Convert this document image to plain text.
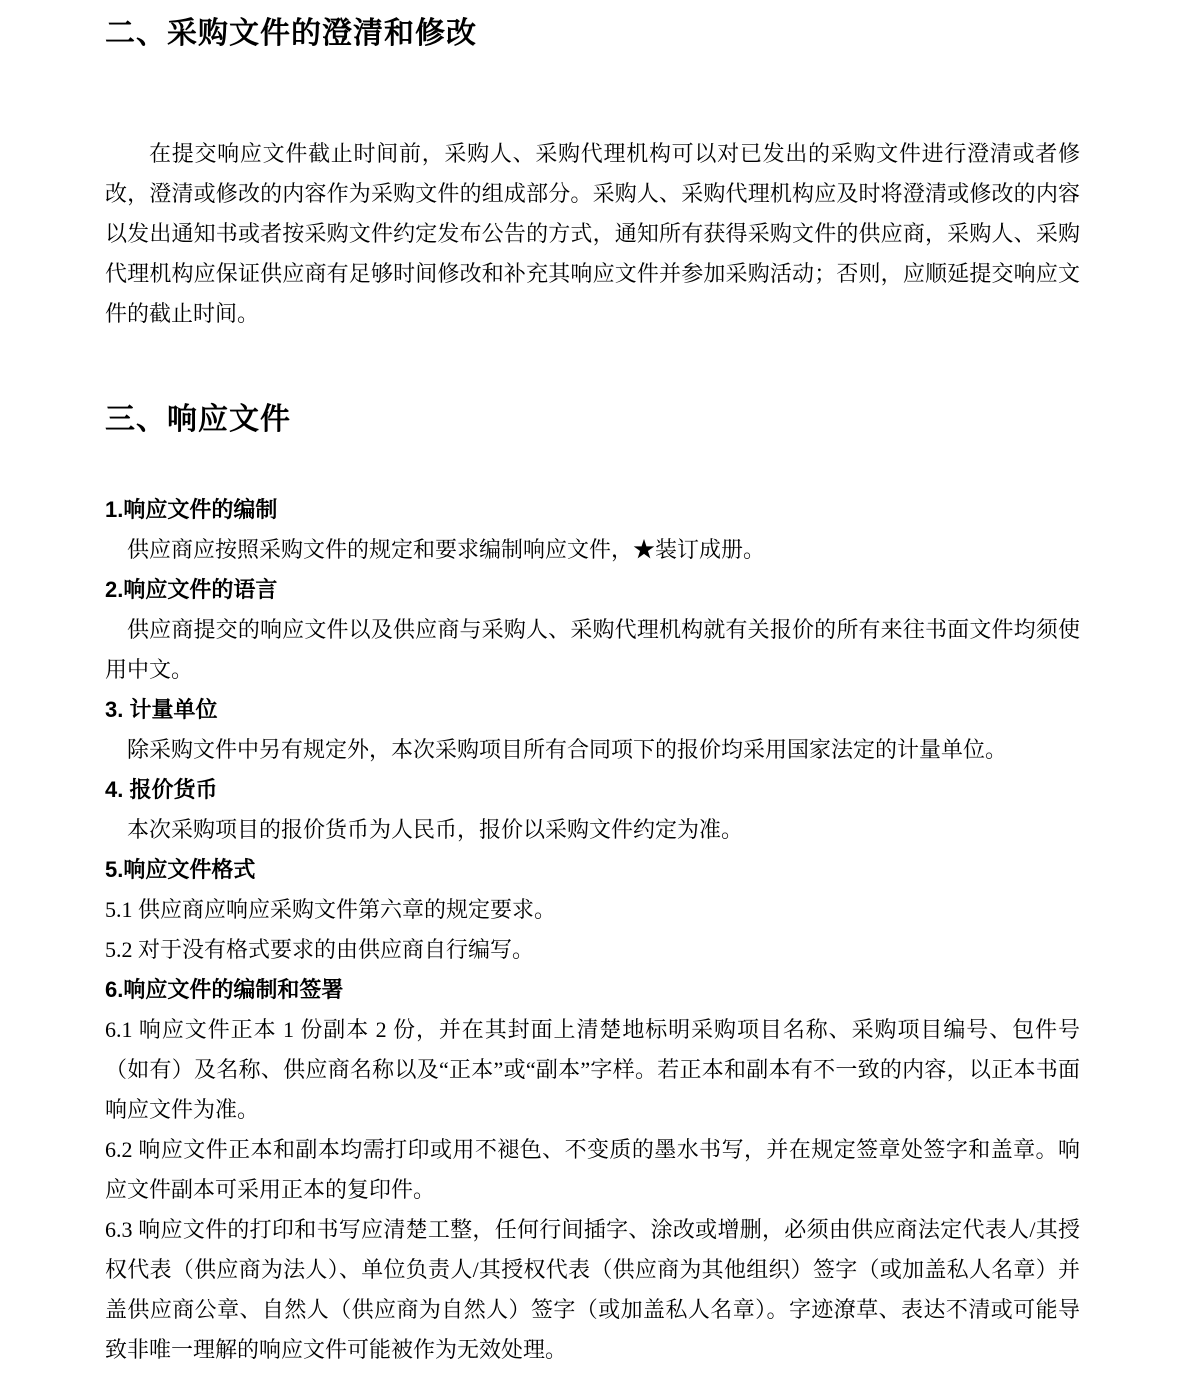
二、采购文件的澄清和修改

在提交响应文件截止时间前，采购人、采购代理机构可以对已发出的采购文件进行澄清或者修改，澄清或修改的内容作为采购文件的组成部分。采购人、采购代理机构应及时将澄清或修改的内容以发出通知书或者按采购文件约定发布公告的方式，通知所有获得采购文件的供应商，采购人、采购代理机构应保证供应商有足够时间修改和补充其响应文件并参加采购活动；否则，应顺延提交响应文件的截止时间。

三、响应文件
1.响应文件的编制

供应商应按照采购文件的规定和要求编制响应文件，★装订成册。

2.响应文件的语言

供应商提交的响应文件以及供应商与采购人、采购代理机构就有关报价的所有来往书面文件均须使用中文。

3. 计量单位

除采购文件中另有规定外，本次采购项目所有合同项下的报价均采用国家法定的计量单位。

4. 报价货币

本次采购项目的报价货币为人民币，报价以采购文件约定为准。

5.响应文件格式

5.1 供应商应响应采购文件第六章的规定要求。

5.2 对于没有格式要求的由供应商自行编写。

6.响应文件的编制和签署

6.1 响应文件正本 1 份副本 2 份，并在其封面上清楚地标明采购项目名称、采购项目编号、包件号（如有）及名称、供应商名称以及“正本”或“副本”字样。若正本和副本有不一致的内容，以正本书面响应文件为准。

6.2 响应文件正本和副本均需打印或用不褪色、不变质的墨水书写，并在规定签章处签字和盖章。响应文件副本可采用正本的复印件。

6.3 响应文件的打印和书写应清楚工整，任何行间插字、涂改或增删，必须由供应商法定代表人/其授权代表（供应商为法人）、单位负责人/其授权代表（供应商为其他组织）签字（或加盖私人名章）并盖供应商公章、自然人（供应商为自然人）签字（或加盖私人名章）。字迹潦草、表达不清或可能导致非唯一理解的响应文件可能被作为无效处理。
